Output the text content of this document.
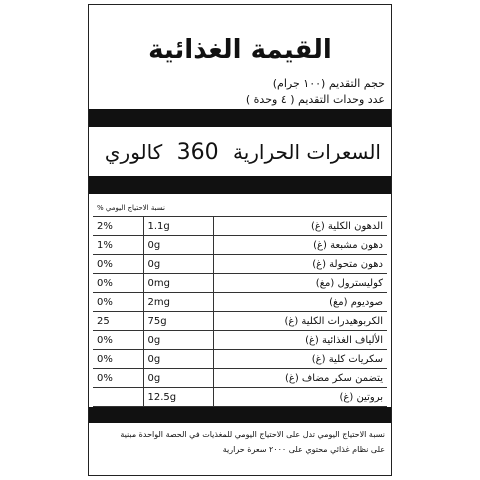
القيمة الغذائية
حجم التقديم (١٠٠ جرام)
عدد وحدات التقديم ( ٤ وحدة )
السعرات الحرارية 360 كالوري
نسبة الاحتياج اليومي %
2%	1.1g	الدهون الكلية (غ)
1%	0g	دهون مشبعة (غ)
0%	0g	دهون متحولة (غ)
0%	0mg	كوليسترول (مغ)
0%	2mg	صوديوم (مغ)
25	75g	الكربوهيدرات الكلية (غ)
0%	0g	الألياف الغذائية (غ)
0%	0g	سكريات كلية (غ)
0%	0g	يتضمن سكر مضاف (غ)
	12.5g	بروتين (غ)
نسبة الاحتياج اليومي تدل على الاحتياج اليومي للمغذيات في الحصة الواحدة مبنية
على نظام غذائي محتوي على ٢٠٠٠ سعرة حرارية
